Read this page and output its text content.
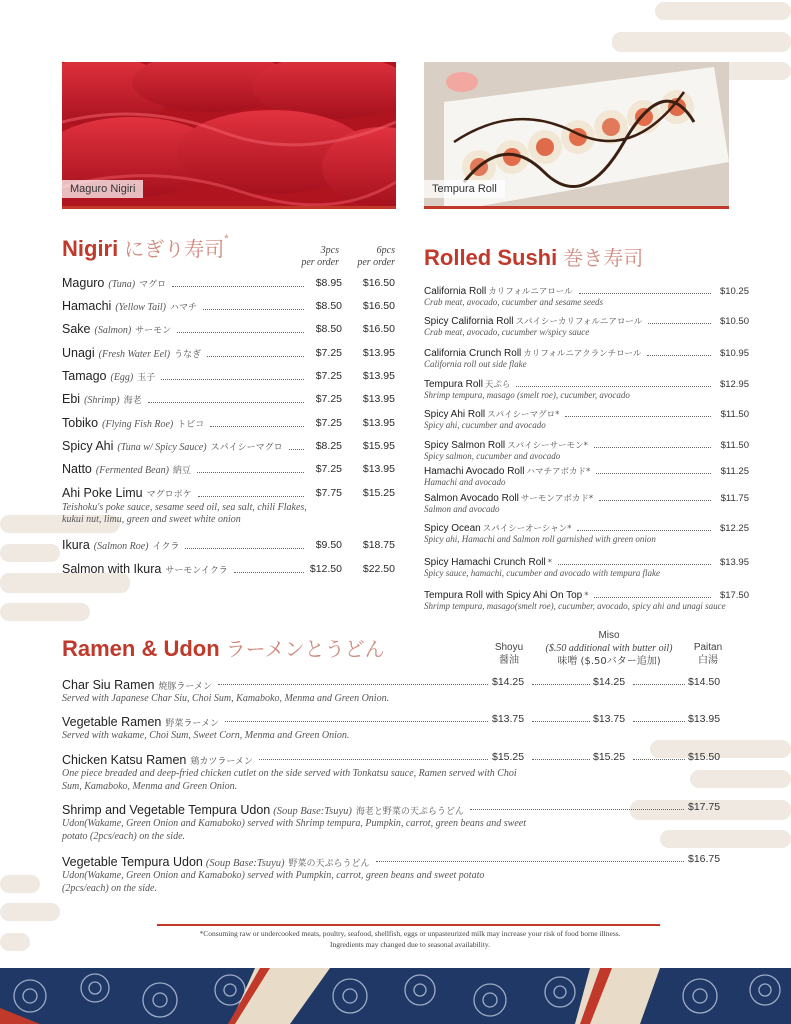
Maguro Nigiri	Tempura Roll
Nigiri にぎり寿司*
3pcs
per order
6pcs
per order
Maguro (Tuna) マグロ	$8.95	$16.50
Hamachi (Yellow Tail) ハマチ	$8.50	$16.50
Sake (Salmon) サーモン	$8.50	$16.50
Unagi (Fresh Water Eel) うなぎ	$7.25	$13.95
Tamago (Egg) 玉子	$7.25	$13.95
Ebi (Shrimp) 海老	$7.25	$13.95
Tobiko (Flying Fish Roe) トビコ	$7.25	$13.95
Spicy Ahi (Tuna w/ Spicy Sauce) スパイシーマグロ	$8.25	$15.95
Natto (Fermented Bean) 納豆	$7.25	$13.95
Ahi Poke Limu マグロポケ	$7.75	$15.25
Ikura (Salmon Roe) イクラ	$9.50	$18.75
Salmon with Ikura サーモンイクラ	$12.50	$22.50
Teishoku's poke sauce, sesame seed oil, sea salt, chili Flakes, kukui nut, limu, green and sweet white onion
Rolled Sushi 巻き寿司
California Roll カリフォルニアロール	$10.25
Crab meat, avocado, cucumber and sesame seeds
Spicy California Roll スパイシーカリフォルニアロール	$10.50
Crab meat, avocado, cucumber w/spicy sauce
California Crunch Roll カリフォルニアクランチロール	$10.95
California roll out side flake
Tempura Roll 天ぷら	$12.95
Shrimp tempura, masago (smelt roe), cucumber, avocado
Spicy Ahi Roll スパイシーマグロ*	$11.50
Spicy ahi, cucumber and avocado
Spicy Salmon Roll スパイシーサーモン*	$11.50
Spicy salmon, cucumber and avocado
Hamachi Avocado Roll ハマチアボカド*	$11.25
Hamachi and avocado
Salmon Avocado Roll サーモンアボカド*	$11.75
Salmon and avocado
Spicy Ocean スパイシーオーシャン*	$12.25
Spicy ahi, Hamachi and Salmon roll garnished with green onion
Spicy Hamachi Crunch Roll *	$13.95
Spicy sauce, hamachi, cucumber and avocado with tempura flake
Tempura Roll with Spicy Ahi On Top *	$17.50
Shrimp tempura, masago(smelt roe), cucumber, avocado, spicy ahi and unagi sauce
Ramen & Udon ラーメンとうどん	Shoyu
醤油
Miso
($.50 additional with butter oil)
味噌 ($.50バター追加)
Paitan
白湯
Char Siu Ramen 焼豚ラーメン	$14.25	$14.25	$14.50
Served with Japanese Char Siu, Choi Sum, Kamaboko, Menma and Green Onion.
Vegetable Ramen 野菜ラーメン	$13.75	$13.75	$13.95
Served with wakame, Choi Sum, Sweet Corn, Menma and Green Onion.
Chicken Katsu Ramen 鶏カツラーメン	$15.25	$15.25	$15.50
One piece breaded and deep-fried chicken cutlet on the side served with Tonkatsu sauce, Ramen served with Choi Sum, Kamaboko, Menma and Green Onion.
Shrimp and Vegetable Tempura Udon (Soup Base:Tsuyu) 海老と野菜の天ぷらうどん	$17.75
Udon(Wakame, Green Onion and Kamaboko) served with Shrimp tempura, Pumpkin, carrot, green beans and sweet potato (2pcs/each) on the side.
Vegetable Tempura Udon (Soup Base:Tsuyu) 野菜の天ぷらうどん	$16.75
Udon(Wakame, Green Onion and Kamaboko) served with Pumpkin, carrot, green beans and sweet potato (2pcs/each) on the side.
*Consuming raw or undercooked meats, poultry, seafood, shellfish, eggs or unpasteurized milk may increase your risk of food borne illness.
Ingredients may changed due to seasonal availability.
